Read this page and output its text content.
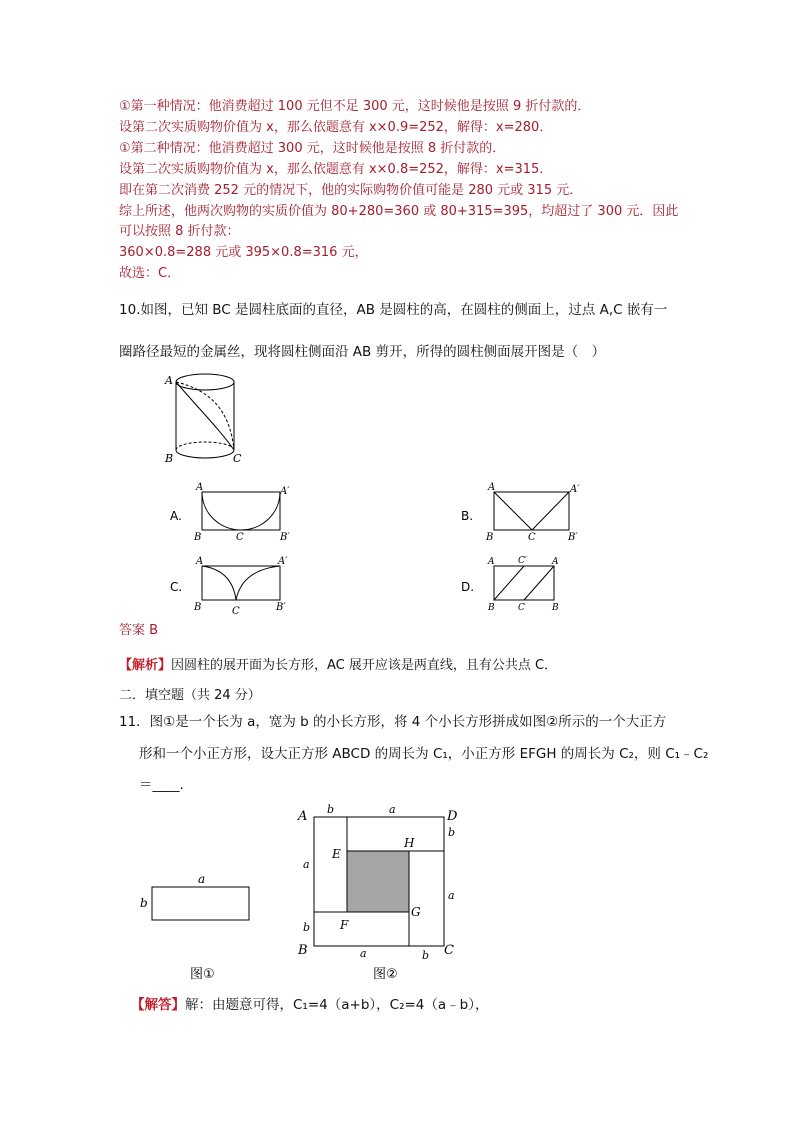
①第一种情况：他消费超过 100 元但不足 300 元，这时候他是按照 9 折付款的．
设第二次实质购物价值为 x，那么依题意有 x×0.9=252，解得：x=280．
①第二种情况：他消费超过 300 元，这时候他是按照 8 折付款的．
设第二次实质购物价值为 x，那么依题意有 x×0.8=252，解得：x=315．
即在第二次消费 252 元的情况下，他的实际购物价值可能是 280 元或 315 元．
综上所述，他两次购物的实质价值为 80+280=360 或 80+315=395，均超过了 300 元．因此
可以按照 8 折付款：
360×0.8=288 元或 395×0.8=316 元，
故选：C．
10.如图，已知 BC 是圆柱底面的直径，AB 是圆柱的高，在圆柱的侧面上，过点 A,C 嵌有一
圈路径最短的金属丝，现将圆柱侧面沿 AB 剪开，所得的圆柱侧面展开图是（　）
A
B	C
A.
A	A′
B	C	B′
B.
A	A′
B	C	B′
C.
A	A′
B	C	B′
D.
A	C′	A
B	C	B
答案 B
【解析】因圆柱的展开面为长方形，AC 展开应该是两直线，且有公共点 C．
二．填空题（共 24 分）
11．图①是一个长为 a，宽为 b 的小长方形，将 4 个小长方形拼成如图②所示的一个大正方
形和一个小正方形，设大正方形 ABCD 的周长为 C₁，小正方形 EFGH 的周长为 C₂，则 C₁﹣C₂
＝____．
a
b
图①
A	D
B	C
E
H
G
F
b	a
b
a
a
b
a	b
图②
【解答】解：由题意可得，C₁=4（a+b），C₂=4（a﹣b），
